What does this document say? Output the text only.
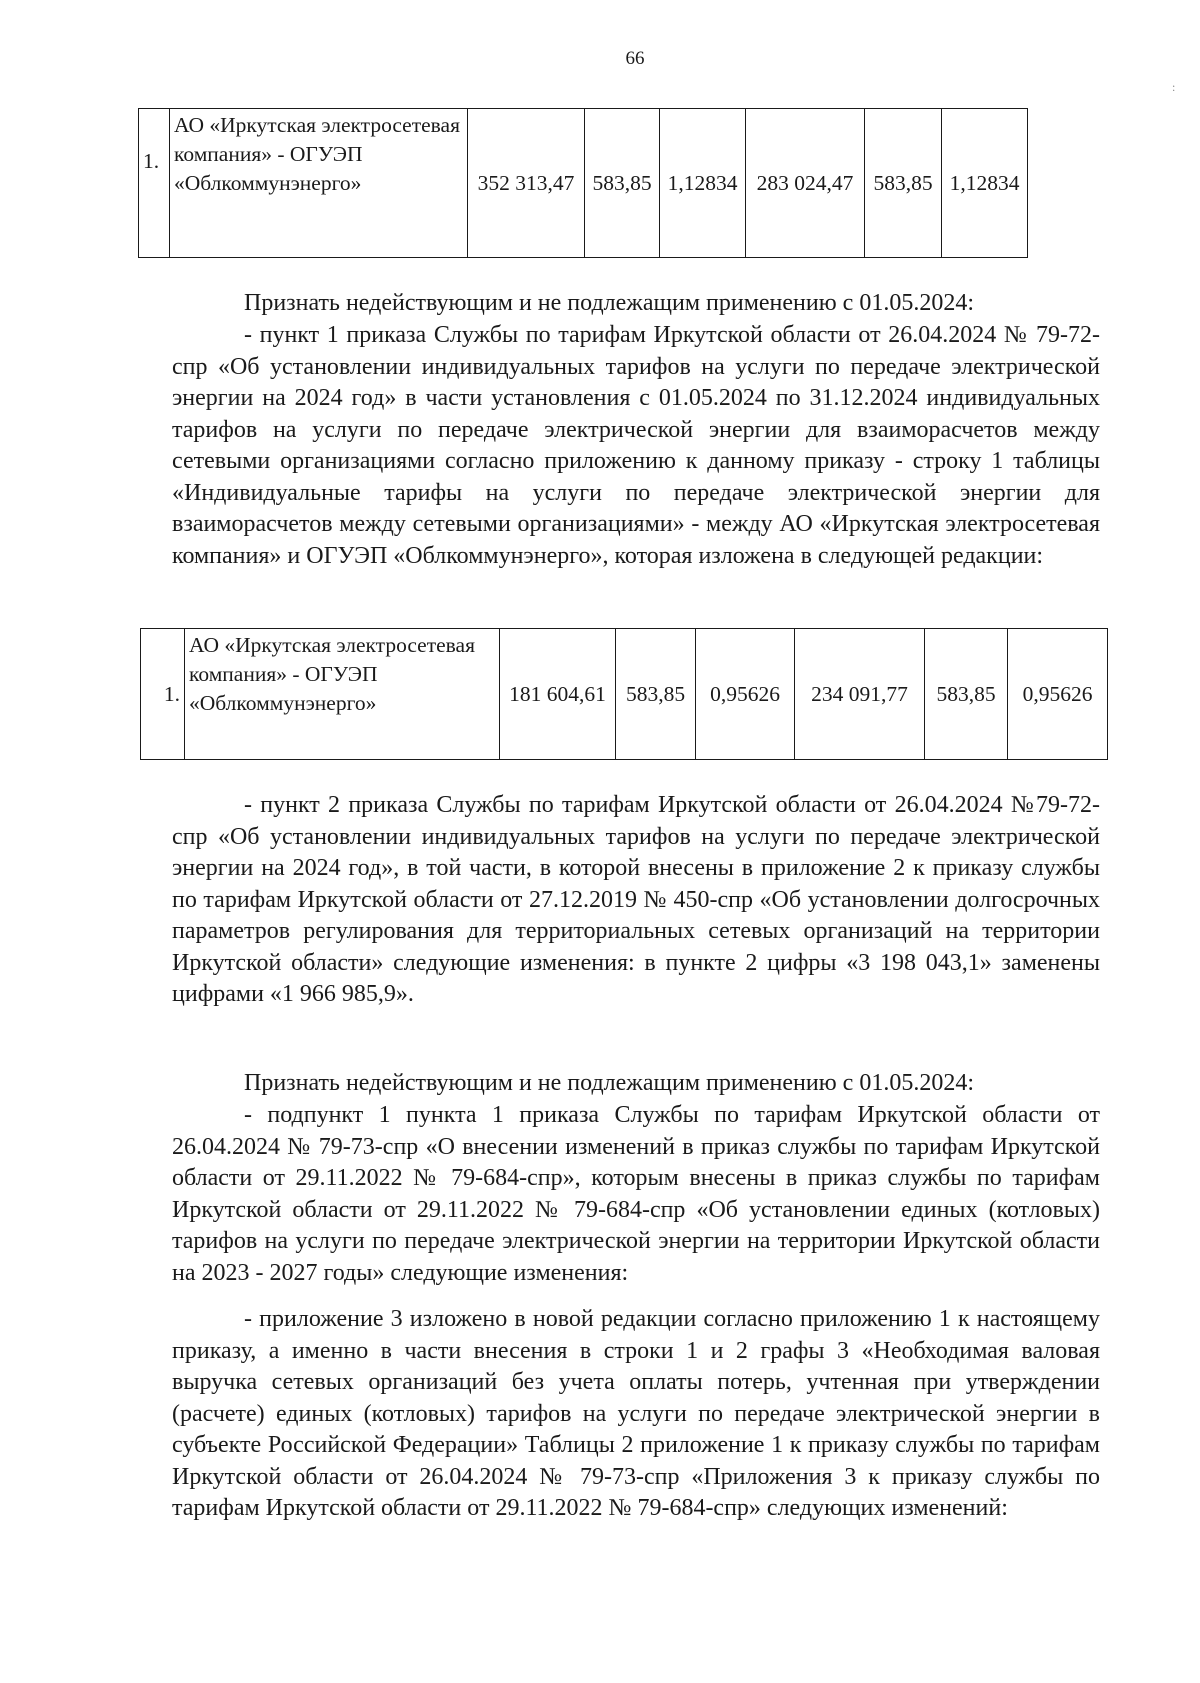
66
:
1.	АО «Иркутская электросетевая компания» - ОГУЭП «Облкоммунэнерго»	352 313,47	583,85	1,12834	283 024,47	583,85	1,12834

Признать недействующим и не подлежащим применению с 01.05.2024:

- пункт 1 приказа Службы по тарифам Иркутской области от 26.04.2024 № 79-72-спр «Об установлении индивидуальных тарифов на услуги по передаче электрической энергии на 2024 год» в части установления с 01.05.2024 по 31.12.2024 индивидуальных тарифов на услуги по передаче электрической энергии для взаиморасчетов между сетевыми организациями согласно приложению к данному приказу - строку 1 таблицы «Индивидуальные тарифы на услуги по передаче электрической энергии для взаиморасчетов между сетевыми организациями» - между АО «Иркутская электросетевая компания» и ОГУЭП «Облкоммунэнерго», которая изложена в следующей редакции:

1.	АО «Иркутская электросетевая компания» - ОГУЭП «Облкоммунэнерго»	181 604,61	583,85	0,95626	234 091,77	583,85	0,95626

- пункт 2 приказа Службы по тарифам Иркутской области от 26.04.2024 №79-72-спр «Об установлении индивидуальных тарифов на услуги по передаче электрической энергии на 2024 год», в той части, в которой внесены в приложение 2 к приказу службы по тарифам Иркутской области от 27.12.2019 № 450-спр «Об установлении долгосрочных параметров регулирования для территориальных сетевых организаций на территории Иркутской области» следующие изменения: в пункте 2 цифры «3 198 043,1» заменены цифрами «1 966 985,9».

Признать недействующим и не подлежащим применению с 01.05.2024:

- подпункт 1 пункта 1 приказа Службы по тарифам Иркутской области от 26.04.2024 № 79-73-спр «О внесении изменений в приказ службы по тарифам Иркутской области от 29.11.2022 № 79-684-спр», которым внесены в приказ службы по тарифам Иркутской области от 29.11.2022 № 79-684-спр «Об установлении единых (котловых) тарифов на услуги по передаче электрической энергии на территории Иркутской области на 2023 - 2027 годы» следующие изменения:

- приложение 3 изложено в новой редакции согласно приложению 1 к настоящему приказу, а именно в части внесения в строки 1 и 2 графы 3 «Необходимая валовая выручка сетевых организаций без учета оплаты потерь, учтенная при утверждении (расчете) единых (котловых) тарифов на услуги по передаче электрической энергии в субъекте Российской Федерации» Таблицы 2 приложение 1 к приказу службы по тарифам Иркутской области от 26.04.2024 № 79-73-спр «Приложения 3 к приказу службы по тарифам Иркутской области от 29.11.2022 № 79-684-спр» следующих изменений:
